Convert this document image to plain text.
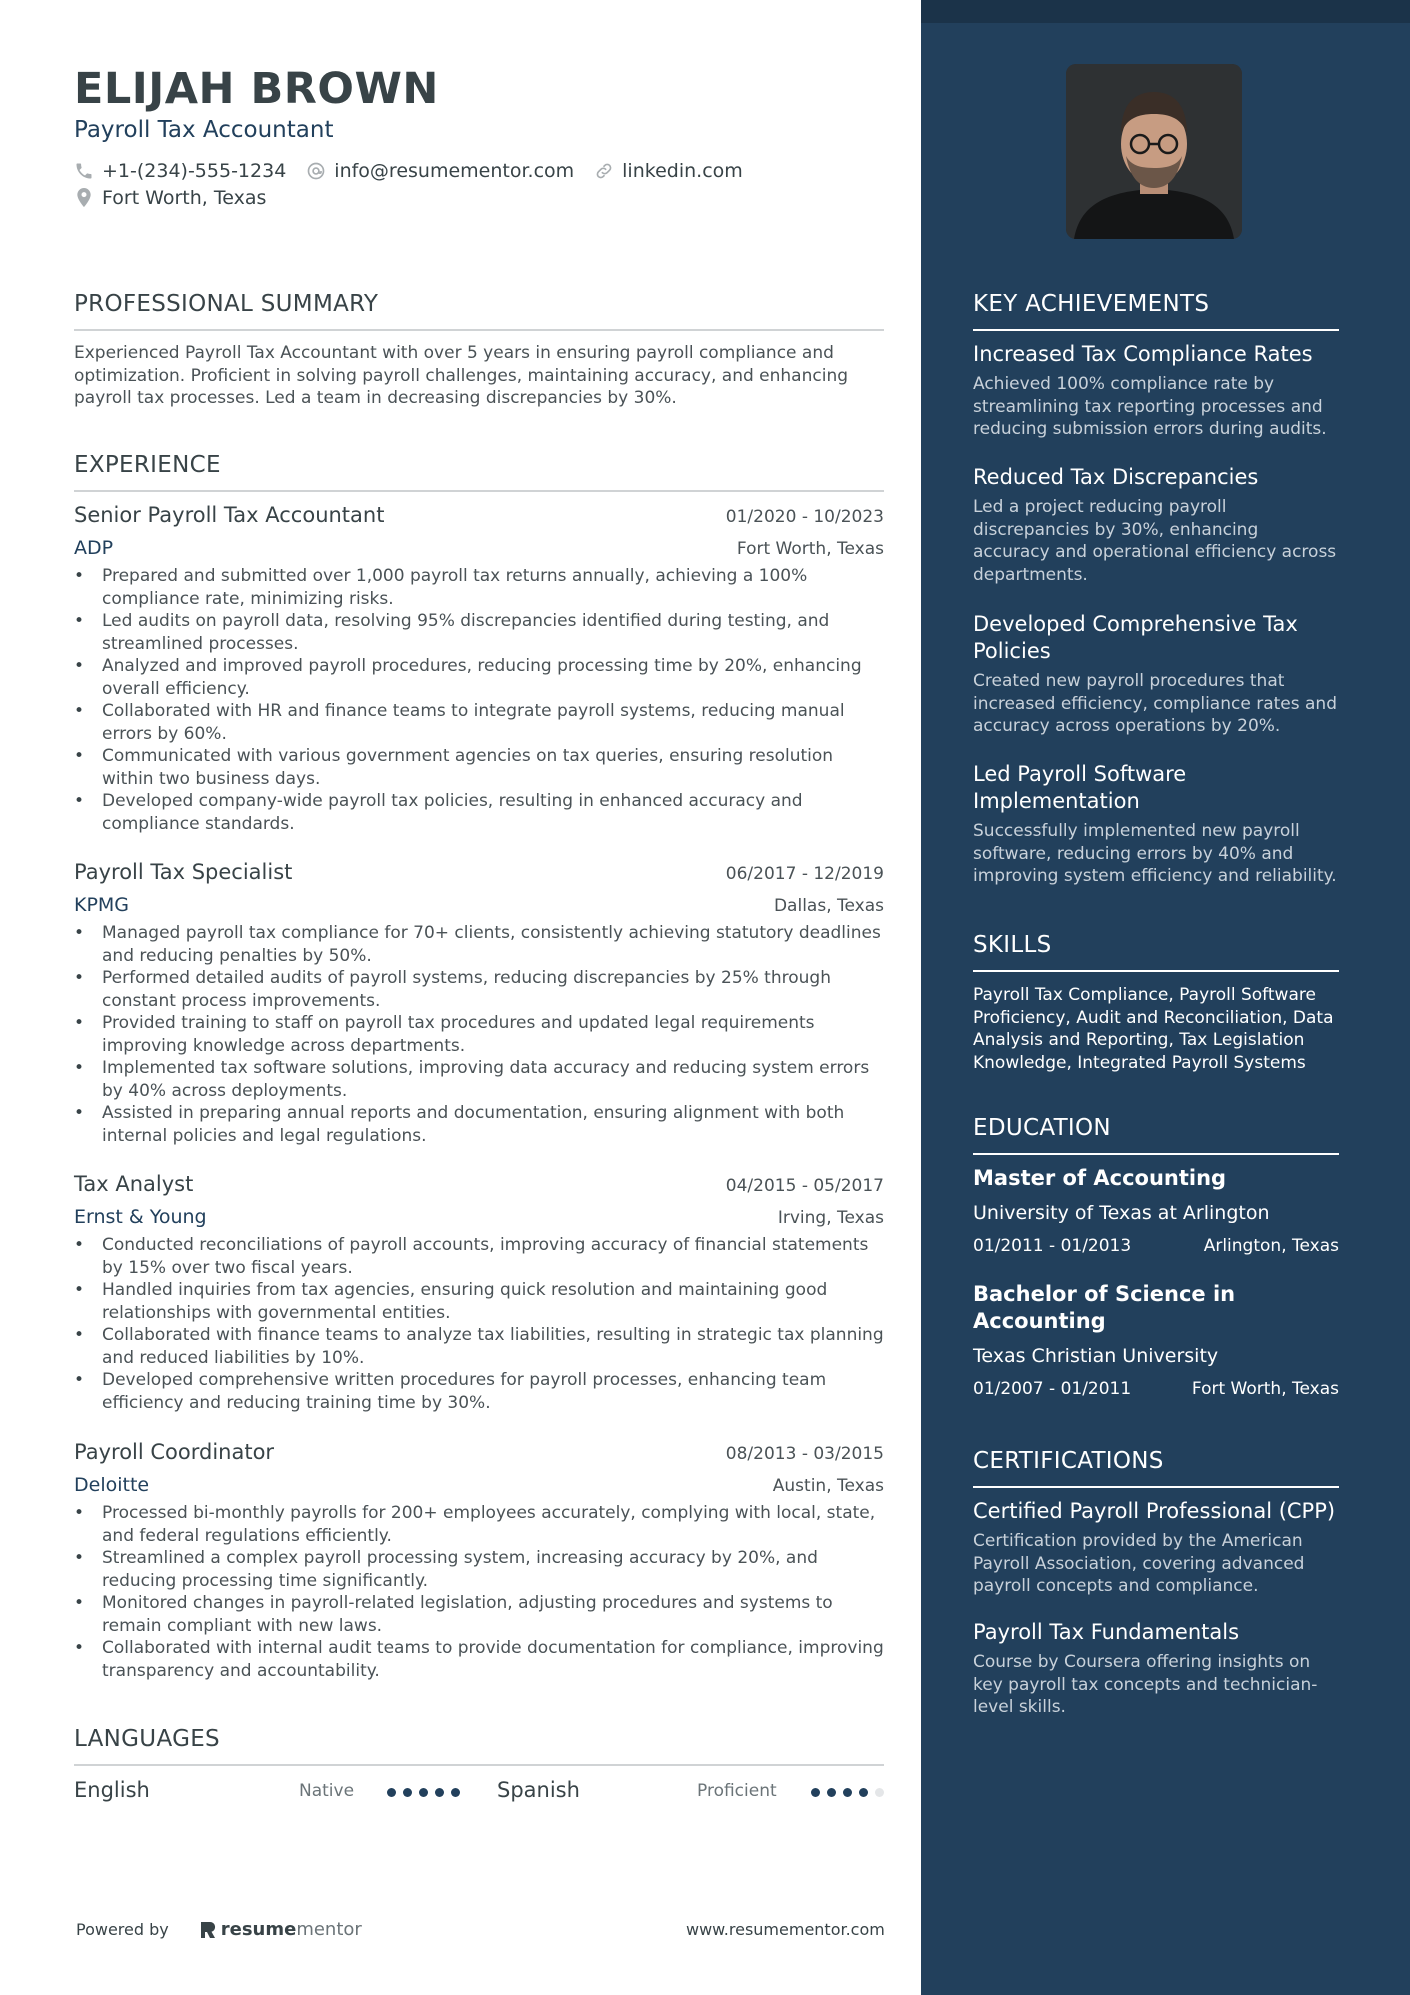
ELIJAH BROWN
Payroll Tax Accountant
+1-(234)-555-1234	info@resumementor.com	linkedin.com
Fort Worth, Texas
PROFESSIONAL SUMMARY
Experienced Payroll Tax Accountant with over 5 years in ensuring payroll compliance and optimization. Proficient in solving payroll challenges, maintaining accuracy, and enhancing payroll tax processes. Led a team in decreasing discrepancies by 30%.
EXPERIENCE
Senior Payroll Tax Accountant	01/2020 - 10/2023
ADP	Fort Worth, Texas
• Prepared and submitted over 1,000 payroll tax returns annually, achieving a 100% compliance rate, minimizing risks.
• Led audits on payroll data, resolving 95% discrepancies identified during testing, and streamlined processes.
• Analyzed and improved payroll procedures, reducing processing time by 20%, enhancing overall efficiency.
• Collaborated with HR and finance teams to integrate payroll systems, reducing manual errors by 60%.
• Communicated with various government agencies on tax queries, ensuring resolution within two business days.
• Developed company-wide payroll tax policies, resulting in enhanced accuracy and compliance standards.
Payroll Tax Specialist	06/2017 - 12/2019
KPMG	Dallas, Texas
• Managed payroll tax compliance for 70+ clients, consistently achieving statutory deadlines and reducing penalties by 50%.
• Performed detailed audits of payroll systems, reducing discrepancies by 25% through constant process improvements.
• Provided training to staff on payroll tax procedures and updated legal requirements improving knowledge across departments.
• Implemented tax software solutions, improving data accuracy and reducing system errors by 40% across deployments.
• Assisted in preparing annual reports and documentation, ensuring alignment with both internal policies and legal regulations.
Tax Analyst	04/2015 - 05/2017
Ernst & Young	Irving, Texas
• Conducted reconciliations of payroll accounts, improving accuracy of financial statements by 15% over two fiscal years.
• Handled inquiries from tax agencies, ensuring quick resolution and maintaining good relationships with governmental entities.
• Collaborated with finance teams to analyze tax liabilities, resulting in strategic tax planning and reduced liabilities by 10%.
• Developed comprehensive written procedures for payroll processes, enhancing team efficiency and reducing training time by 30%.
Payroll Coordinator	08/2013 - 03/2015
Deloitte	Austin, Texas
• Processed bi-monthly payrolls for 200+ employees accurately, complying with local, state, and federal regulations efficiently.
• Streamlined a complex payroll processing system, increasing accuracy by 20%, and reducing processing time significantly.
• Monitored changes in payroll-related legislation, adjusting procedures and systems to remain compliant with new laws.
• Collaborated with internal audit teams to provide documentation for compliance, improving transparency and accountability.
LANGUAGES
English	Native	Spanish	Proficient
Powered by	resume mentor	www.resumementor.com
KEY ACHIEVEMENTS
Increased Tax Compliance Rates
Achieved 100% compliance rate by streamlining tax reporting processes and reducing submission errors during audits.
Reduced Tax Discrepancies
Led a project reducing payroll discrepancies by 30%, enhancing accuracy and operational efficiency across departments.
Developed Comprehensive Tax Policies
Created new payroll procedures that increased efficiency, compliance rates and accuracy across operations by 20%.
Led Payroll Software Implementation
Successfully implemented new payroll software, reducing errors by 40% and improving system efficiency and reliability.
SKILLS
Payroll Tax Compliance, Payroll Software Proficiency, Audit and Reconciliation, Data Analysis and Reporting, Tax Legislation Knowledge, Integrated Payroll Systems
EDUCATION
Master of Accounting
University of Texas at Arlington
01/2011 - 01/2013	Arlington, Texas
Bachelor of Science in Accounting
Texas Christian University
01/2007 - 01/2011	Fort Worth, Texas
CERTIFICATIONS
Certified Payroll Professional (CPP)
Certification provided by the American Payroll Association, covering advanced payroll concepts and compliance.
Payroll Tax Fundamentals
Course by Coursera offering insights on key payroll tax concepts and technician-level skills.
